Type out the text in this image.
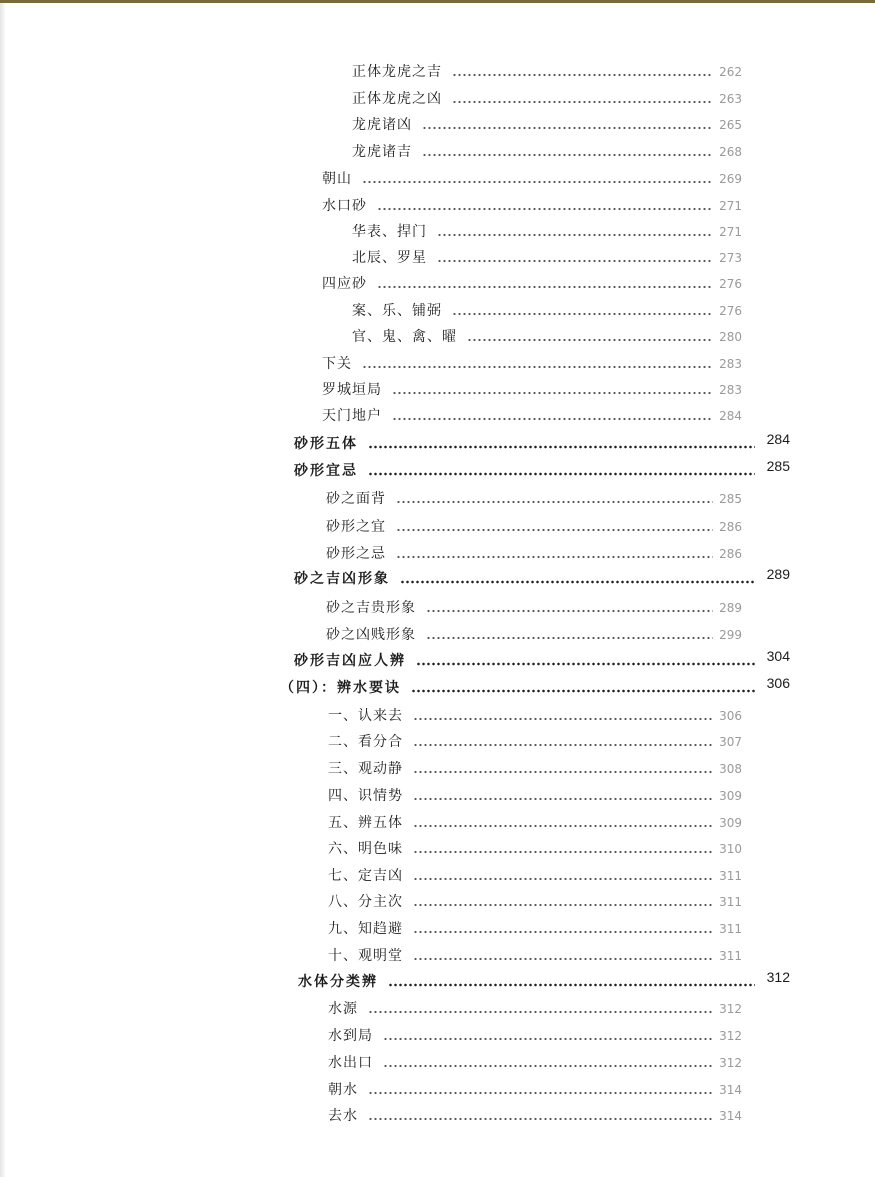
正体龙虎之吉	262
正体龙虎之凶	263
龙虎诸凶	265
龙虎诸吉	268
朝山	269
水口砂	271
华表、捍门	271
北辰、罗星	273
四应砂	276
案、乐、铺弼	276
官、鬼、禽、曜	280
下关	283
罗城垣局	283
天门地户	284
砂形五体	284
砂形宜忌	285
砂之面背	285
砂形之宜	286
砂形之忌	286
砂之吉凶形象	289
砂之吉贵形象	289
砂之凶贱形象	299
砂形吉凶应人辨	304
（四）：辨水要诀	306
一、认来去	306
二、看分合	307
三、观动静	308
四、识情势	309
五、辨五体	309
六、明色味	310
七、定吉凶	311
八、分主次	311
九、知趋避	311
十、观明堂	311
水体分类辨	312
水源	312
水到局	312
水出口	312
朝水	314
去水	314
